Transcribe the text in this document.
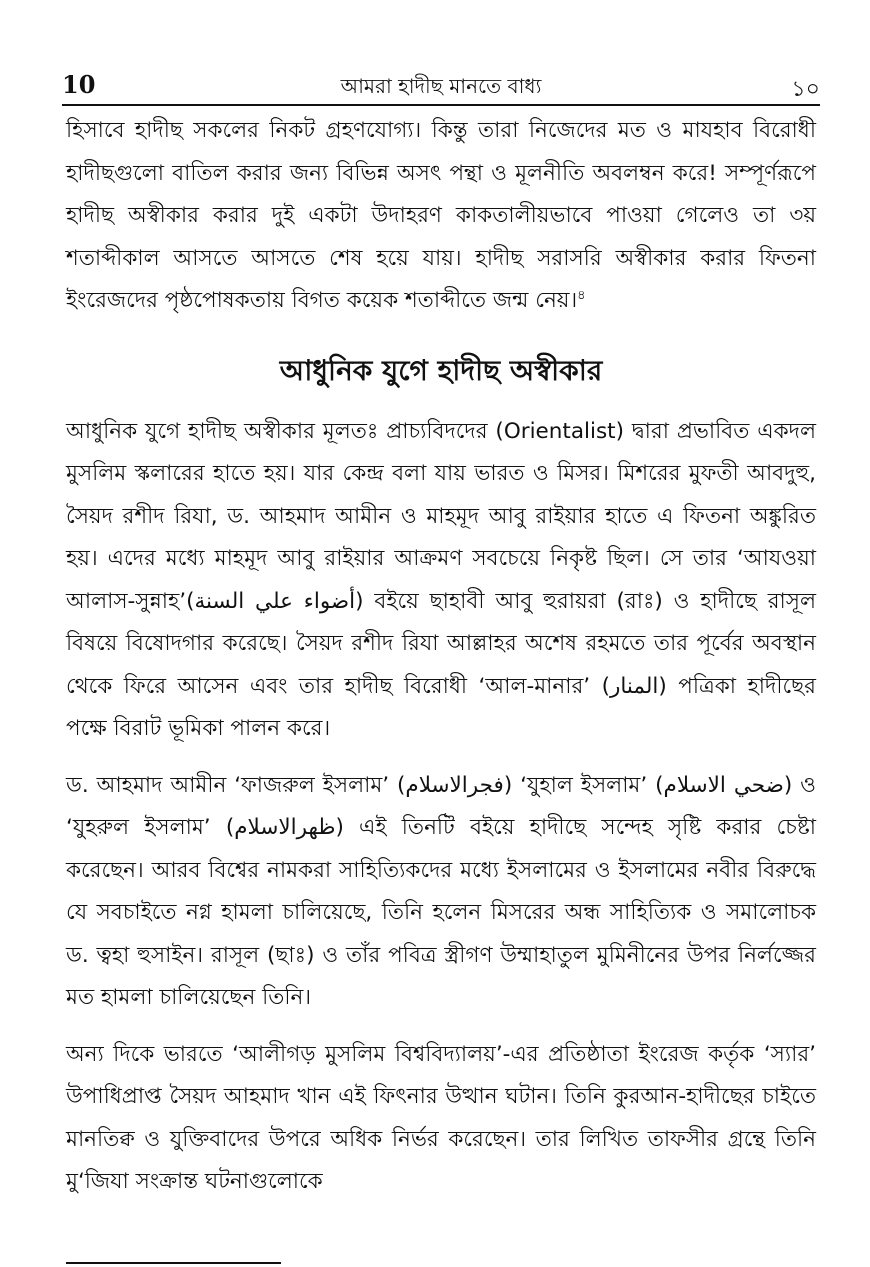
10	আমরা হাদীছ মানতে বাধ্য	১০

হিসাবে হাদীছ সকলের নিকট গ্রহণযোগ্য। কিন্তু তারা নিজেদের মত ও মাযহাব বিরোধী হাদীছগুলো বাতিল করার জন্য বিভিন্ন অসৎ পন্থা ও মূলনীতি অবলম্বন করে! সম্পূর্ণরূপে হাদীছ অস্বীকার করার দুই একটা উদাহরণ কাকতালীয়ভাবে পাওয়া গেলেও তা ৩য় শতাব্দীকাল আসতে আসতে শেষ হয়ে যায়। হাদীছ সরাসরি অস্বীকার করার ফিতনা ইংরেজদের পৃষ্ঠপোষকতায় বিগত কয়েক শতাব্দীতে জন্ম নেয়।$^৪$

আধুনিক যুগে হাদীছ অস্বীকার

আধুনিক যুগে হাদীছ অস্বীকার মূলতঃ প্রাচ্যবিদদের (Orientalist) দ্বারা প্রভাবিত একদল মুসলিম স্কলারের হাতে হয়। যার কেন্দ্র বলা যায় ভারত ও মিসর। মিশরের মুফতী আবদুহু, সৈয়দ রশীদ রিযা, ড. আহমাদ আমীন ও মাহমূদ আবু রাইয়ার হাতে এ ফিতনা অঙ্কুরিত হয়। এদের মধ্যে মাহমূদ আবু রাইয়ার আক্রমণ সবচেয়ে নিকৃষ্ট ছিল। সে তার ‘আযওয়া আলাস-সুন্নাহ’(أضواء علي السنة) বইয়ে ছাহাবী আবু হুরায়রা (রাঃ) ও হাদীছে রাসূল বিষয়ে বিষোদগার করেছে। সৈয়দ রশীদ রিযা আল্লাহর অশেষ রহমতে তার পূর্বের অবস্থান থেকে ফিরে আসেন এবং তার হাদীছ বিরোধী ‘আল-মানার’ (المنار) পত্রিকা হাদীছের পক্ষে বিরাট ভূমিকা পালন করে।

ড. আহমাদ আমীন ‘ফাজরুল ইসলাম’ (فجرالاسلام) ‘যুহাল ইসলাম’ (ضحي الاسلام) ও ‘যুহরুল ইসলাম’ (ظهرالاسلام) এই তিনটি বইয়ে হাদীছে সন্দেহ সৃষ্টি করার চেষ্টা করেছেন। আরব বিশ্বের নামকরা সাহিত্যিকদের মধ্যে ইসলামের ও ইসলামের নবীর বিরুদ্ধে যে সবচাইতে নগ্ন হামলা চালিয়েছে, তিনি হলেন মিসরের অন্ধ সাহিত্যিক ও সমালোচক ড. ত্বহা হুসাইন। রাসূল (ছাঃ) ও তাঁর পবিত্র স্ত্রীগণ উম্মাহাতুল মুমিনীনের উপর নির্লজ্জের মত হামলা চালিয়েছেন তিনি।

অন্য দিকে ভারতে ‘আলীগড় মুসলিম বিশ্ববিদ্যালয়’-এর প্রতিষ্ঠাতা ইংরেজ কর্তৃক ‘স্যার’ উপাধিপ্রাপ্ত সৈয়দ আহমাদ খান এই ফিৎনার উত্থান ঘটান। তিনি কুরআন-হাদীছের চাইতে মানতিক্ব ও যুক্তিবাদের উপরে অধিক নির্ভর করেছেন। তার লিখিত তাফসীর গ্রন্থে তিনি মু‘জিযা সংক্রান্ত ঘটনাগুলোকে
